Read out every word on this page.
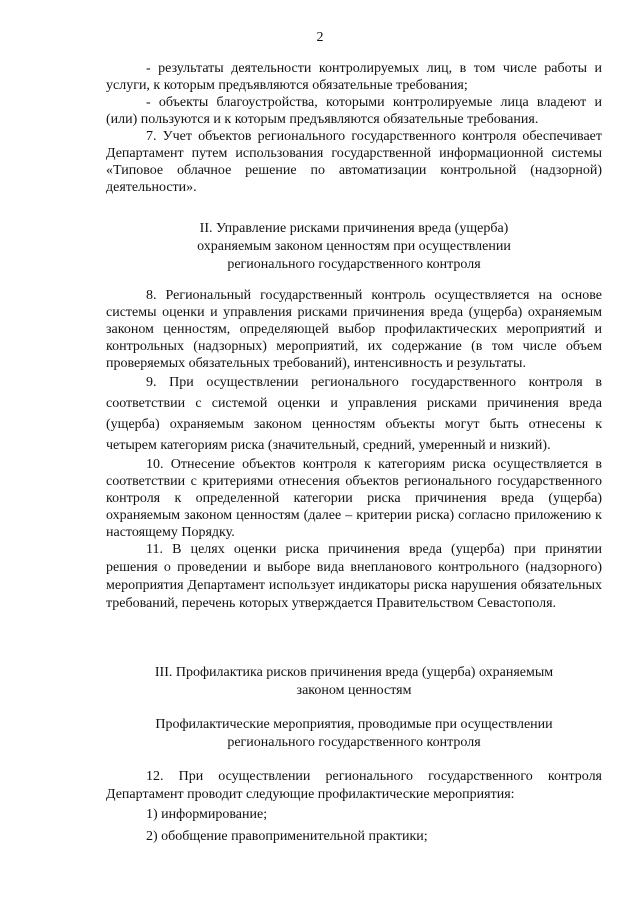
2

- результаты деятельности контролируемых лиц, в том числе работы и услуги, к которым предъявляются обязательные требования;

- объекты благоустройства, которыми контролируемые лица владеют и (или) пользуются и к которым предъявляются обязательные требования.

7. Учет объектов регионального государственного контроля обеспечивает Департамент путем использования государственной информационной системы «Типовое облачное решение по автоматизации контрольной (надзорной) деятельности».

II. Управление рисками причинения вреда (ущерба)
охраняемым законом ценностям при осуществлении
регионального государственного контроля

8. Региональный государственный контроль осуществляется на основе системы оценки и управления рисками причинения вреда (ущерба) охраняемым законом ценностям, определяющей выбор профилактических мероприятий и контрольных (надзорных) мероприятий, их содержание (в том числе объем проверяемых обязательных требований), интенсивность и результаты.

9. При осуществлении регионального государственного контроля в соответствии с системой оценки и управления рисками причинения вреда (ущерба) охраняемым законом ценностям объекты могут быть отнесены к четырем категориям риска (значительный, средний, умеренный и низкий).

10. Отнесение объектов контроля к категориям риска осуществляется в соответствии с критериями отнесения объектов регионального государственного контроля к определенной категории риска причинения вреда (ущерба) охраняемым законом ценностям (далее – критерии риска) согласно приложению к настоящему Порядку.

11. В целях оценки риска причинения вреда (ущерба) при принятии решения о проведении и выборе вида внепланового контрольного (надзорного) мероприятия Департамент использует индикаторы риска нарушения обязательных требований, перечень которых утверждается Правительством Севастополя.

III. Профилактика рисков причинения вреда (ущерба) охраняемым
законом ценностям
Профилактические мероприятия, проводимые при осуществлении
регионального государственного контроля

12. При осуществлении регионального государственного контроля Департамент проводит следующие профилактические мероприятия:

1) информирование;

2) обобщение правоприменительной практики;
